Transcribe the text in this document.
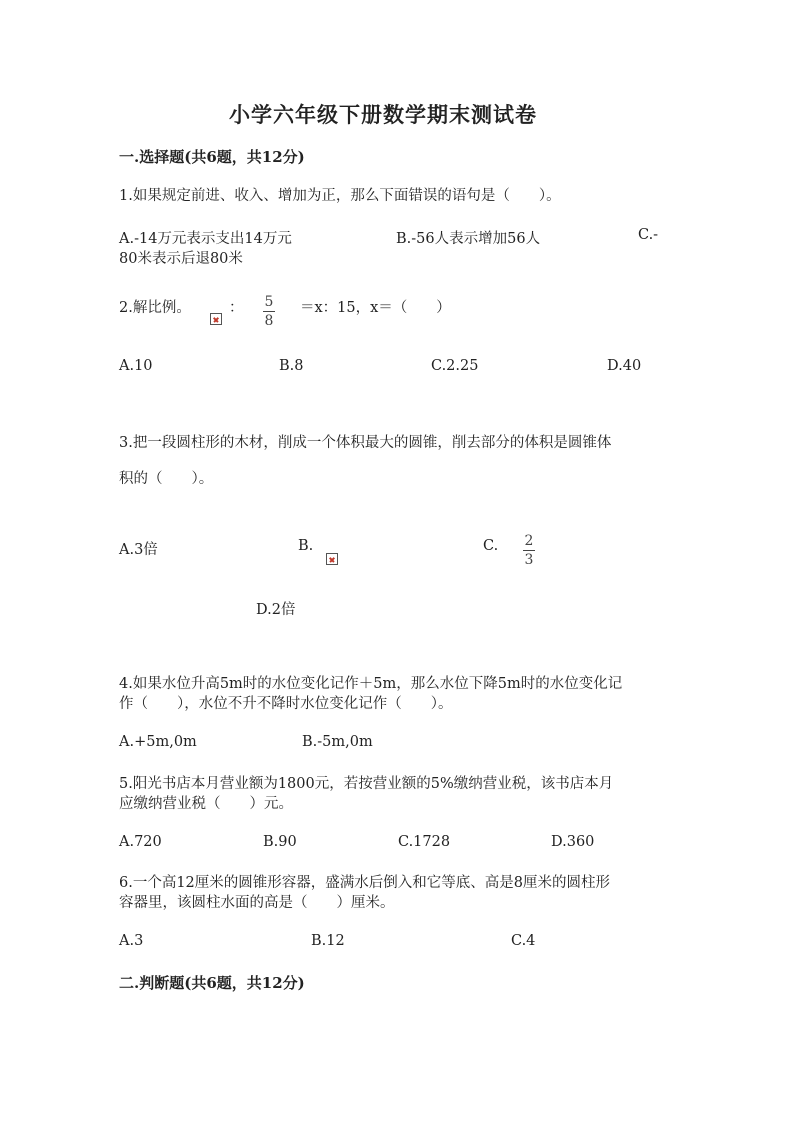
小学六年级下册数学期末测试卷
一.选择题(共6题，共12分)
1.如果规定前进、收入、增加为正，那么下面错误的语句是（　　）。
A.-14万元表示支出14万元	B.-56人表示增加56人	C.-
80米表示后退80米
2.解比例。	： 5
8
＝x：15，x＝（　　）
A.10	B.8	C.2.25	D.40
3.把一段圆柱形的木材，削成一个体积最大的圆锥，削去部分的体积是圆锥体
积的（　　）。
A.3倍	B.	C. 2
3
D.2倍
4.如果水位升高5m时的水位变化记作＋5m，那么水位下降5m时的水位变化记
作（　　），水位不升不降时水位变化记作（　　）。
A.+5m,0m	B.-5m,0m
5.阳光书店本月营业额为1800元，若按营业额的5%缴纳营业税，该书店本月
应缴纳营业税（　　）元。
A.720	B.90	C.1728	D.360
6.一个高12厘米的圆锥形容器，盛满水后倒入和它等底、高是8厘米的圆柱形
容器里，该圆柱水面的高是（　　）厘米。
A.3	B.12	C.4
二.判断题(共6题，共12分)
